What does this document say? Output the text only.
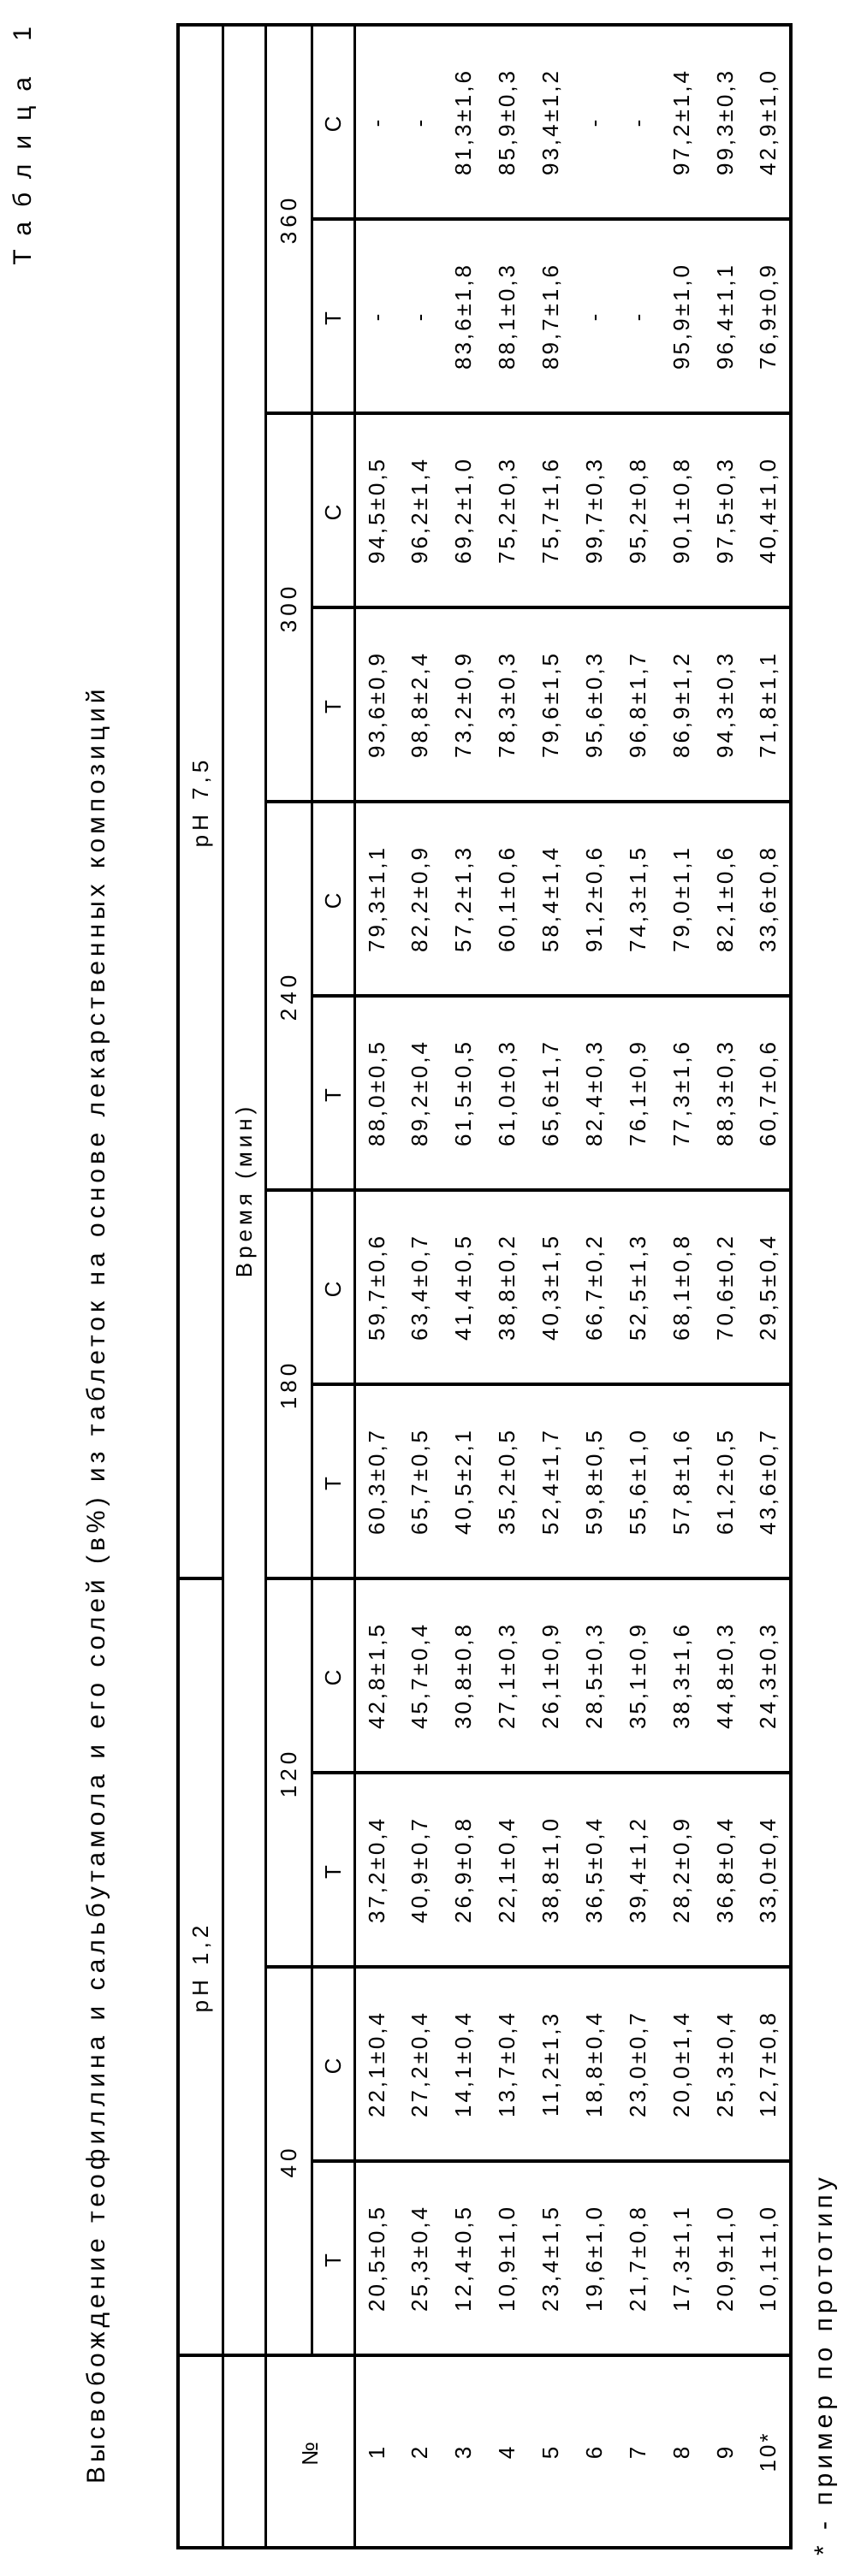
Таблица 1
Высвобождение теофиллина и сальбутамола и его солей (в%) из таблеток на основе лекарственных композиций
		pH 1,2				pH 7,5							
	Время (мин)											
№	40		120		180		240		300		360	
	Т	С	Т	С	Т	С	Т	С	Т	С	Т	С
1	20,5±0,5	22,1±0,4	37,2±0,4	42,8±1,5	60,3±0,7	59,7±0,6	88,0±0,5	79,3±1,1	93,6±0,9	94,5±0,5	-	-
2	25,3±0,4	27,2±0,4	40,9±0,7	45,7±0,4	65,7±0,5	63,4±0,7	89,2±0,4	82,2±0,9	98,8±2,4	96,2±1,4	-	-
3	12,4±0,5	14,1±0,4	26,9±0,8	30,8±0,8	40,5±2,1	41,4±0,5	61,5±0,5	57,2±1,3	73,2±0,9	69,2±1,0	83,6±1,8	81,3±1,6
4	10,9±1,0	13,7±0,4	22,1±0,4	27,1±0,3	35,2±0,5	38,8±0,2	61,0±0,3	60,1±0,6	78,3±0,3	75,2±0,3	88,1±0,3	85,9±0,3
5	23,4±1,5	11,2±1,3	38,8±1,0	26,1±0,9	52,4±1,7	40,3±1,5	65,6±1,7	58,4±1,4	79,6±1,5	75,7±1,6	89,7±1,6	93,4±1,2
6	19,6±1,0	18,8±0,4	36,5±0,4	28,5±0,3	59,8±0,5	66,7±0,2	82,4±0,3	91,2±0,6	95,6±0,3	99,7±0,3	-	-
7	21,7±0,8	23,0±0,7	39,4±1,2	35,1±0,9	55,6±1,0	52,5±1,3	76,1±0,9	74,3±1,5	96,8±1,7	95,2±0,8	-	-
8	17,3±1,1	20,0±1,4	28,2±0,9	38,3±1,6	57,8±1,6	68,1±0,8	77,3±1,6	79,0±1,1	86,9±1,2	90,1±0,8	95,9±1,0	97,2±1,4
9	20,9±1,0	25,3±0,4	36,8±0,4	44,8±0,3	61,2±0,5	70,6±0,2	88,3±0,3	82,1±0,6	94,3±0,3	97,5±0,3	96,4±1,1	99,3±0,3
10*	10,1±1,0	12,7±0,8	33,0±0,4	24,3±0,3	43,6±0,7	29,5±0,4	60,7±0,6	33,6±0,8	71,8±1,1	40,4±1,0	76,9±0,9	42,9±1,0
* - пример по прототипу
